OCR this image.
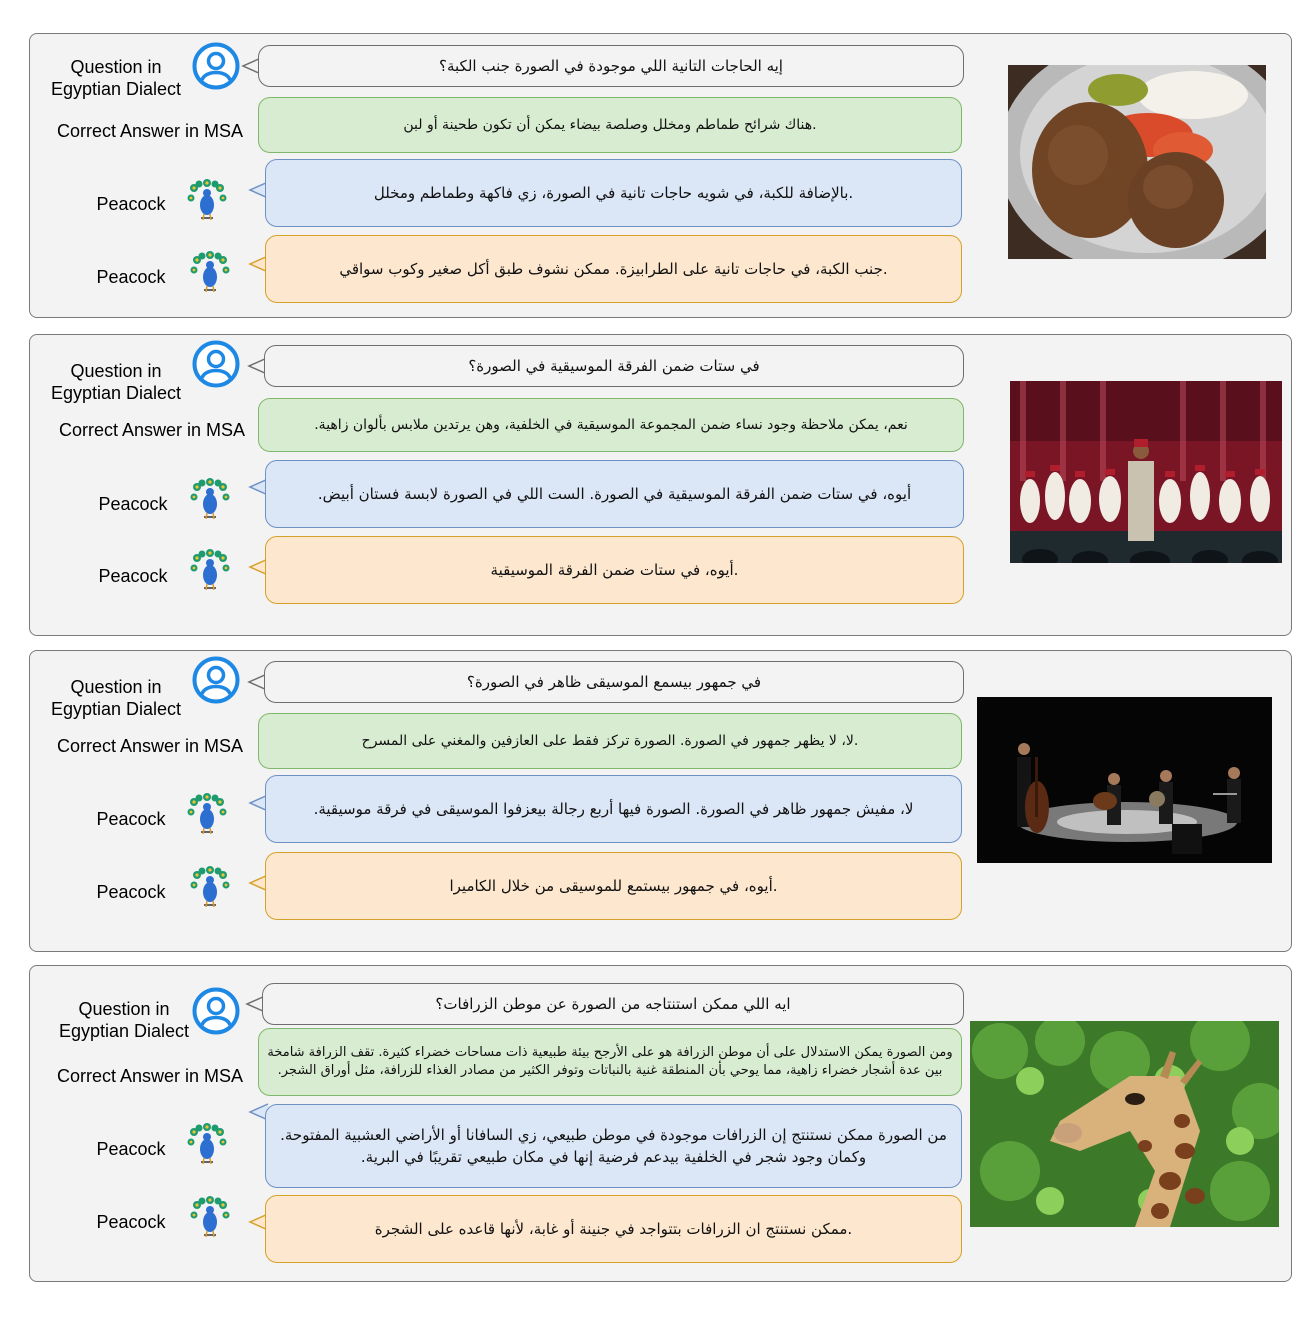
Question in Egyptian Dialect
إيه الحاجات التانية اللي موجودة في الصورة جنب الكبة؟
Correct Answer in MSA	.هناك شرائح طماطم ومخلل وصلصة بيضاء يمكن أن تكون طحينة أو لبن
Peacock
.بالإضافة للكبة، في شويه حاجات تانية في الصورة، زي فاكهة وطماطم ومخلل
Peacock	.جنب الكبة، في حاجات تانية على الطرابيزة. ممكن نشوف طبق أكل صغير وكوب سواقي
Question in Egyptian Dialect
في ستات ضمن الفرقة الموسيقية في الصورة؟
Correct Answer in MSA	نعم، يمكن ملاحظة وجود نساء ضمن المجموعة الموسيقية في الخلفية، وهن يرتدين ملابس بألوان زاهية.
Peacock	أيوه، في ستات ضمن الفرقة الموسيقية في الصورة. الست اللي في الصورة لابسة فستان أبيض.
Peacock	.أيوه، في ستات ضمن الفرقة الموسيقية
Question in Egyptian Dialect
في جمهور بيسمع الموسيقى ظاهر في الصورة؟
Correct Answer in MSA	.لا، لا يظهر جمهور في الصورة. الصورة تركز فقط على العازفين والمغني على المسرح
Peacock	لا، مفيش جمهور ظاهر في الصورة. الصورة فيها أربع رجالة بيعزفوا الموسيقى في فرقة موسيقية.
Peacock	.أيوه، في جمهور بيستمع للموسيقى من خلال الكاميرا
Question in Egyptian Dialect
ايه اللي ممكن استنتاجه من الصورة عن موطن الزرافات؟
Correct Answer in MSA
ومن الصورة يمكن الاستدلال على أن موطن الزرافة هو على الأرجح بيئة طبيعية ذات مساحات خضراء كثيرة. تقف الزرافة شامخة بين عدة أشجار خضراء زاهية، مما يوحي بأن المنطقة غنية بالنباتات وتوفر الكثير من مصادر الغذاء للزرافة، مثل أوراق الشجر.
Peacock
من الصورة ممكن نستنتج إن الزرافات موجودة في موطن طبيعي، زي السافانا أو الأراضي العشبية المفتوحة. وكمان وجود شجر في الخلفية بيدعم فرضية إنها في مكان طبيعي تقريبًا في البرية.
Peacock	.ممكن نستنتج ان الزرافات بتتواجد في جنينة أو غابة، لأنها قاعده على الشجرة
